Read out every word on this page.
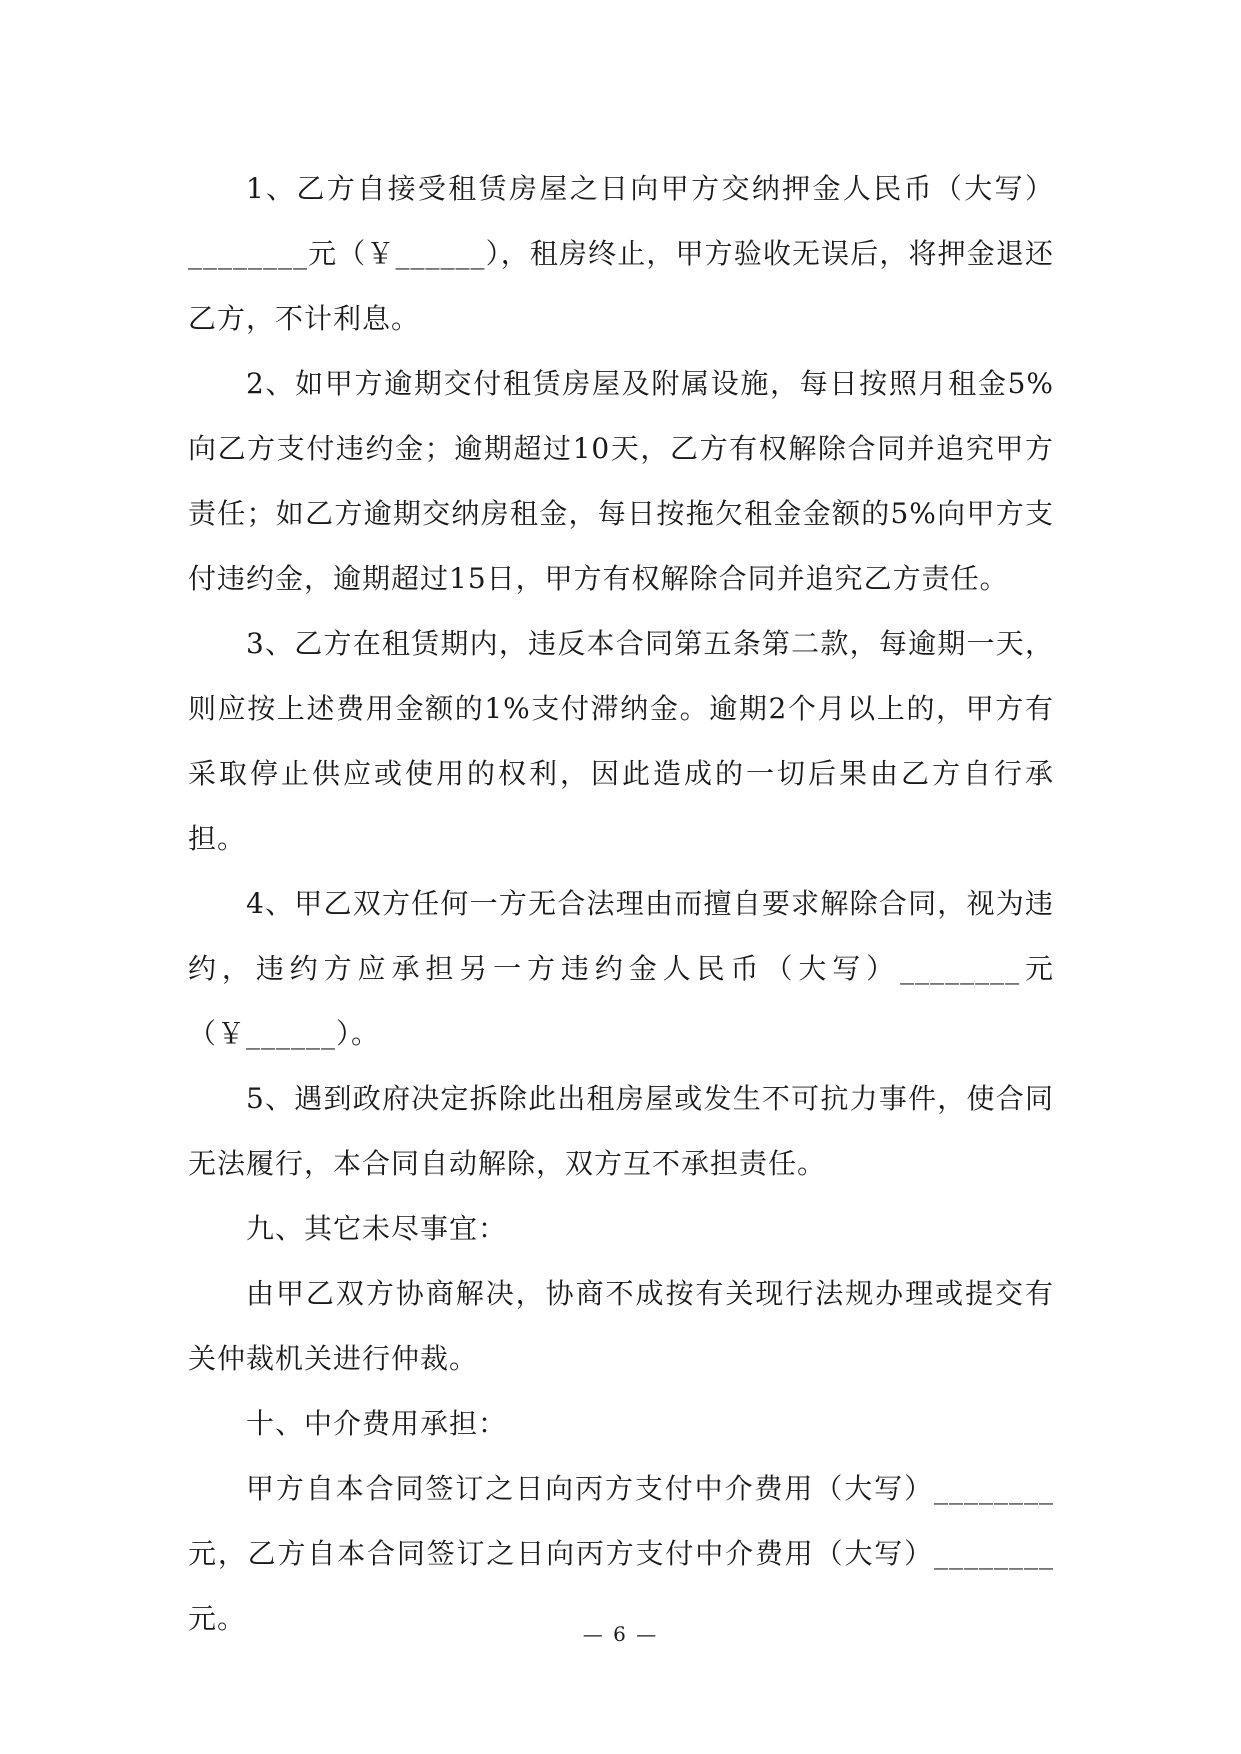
1、乙方自接受租赁房屋之日向甲方交纳押金人民币（大写）________元（￥______），租房终止，甲方验收无误后，将押金退还乙方，不计利息。

2、如甲方逾期交付租赁房屋及附属设施，每日按照月租金5%向乙方支付违约金；逾期超过10天，乙方有权解除合同并追究甲方责任；如乙方逾期交纳房租金，每日按拖欠租金金额的5%向甲方支付违约金，逾期超过15日，甲方有权解除合同并追究乙方责任。

3、乙方在租赁期内，违反本合同第五条第二款，每逾期一天，则应按上述费用金额的1%支付滞纳金。逾期2个月以上的，甲方有采取停止供应或使用的权利，因此造成的一切后果由乙方自行承担。

4、甲乙双方任何一方无合法理由而擅自要求解除合同，视为违约，违约方应承担另一方违约金人民币（大写）________元（￥______）。

5、遇到政府决定拆除此出租房屋或发生不可抗力事件，使合同无法履行，本合同自动解除，双方互不承担责任。

九、其它未尽事宜：

由甲乙双方协商解决，协商不成按有关现行法规办理或提交有关仲裁机关进行仲裁。

十、中介费用承担：

甲方自本合同签订之日向丙方支付中介费用（大写）________元，乙方自本合同签订之日向丙方支付中介费用（大写）________元。	— 6 —
